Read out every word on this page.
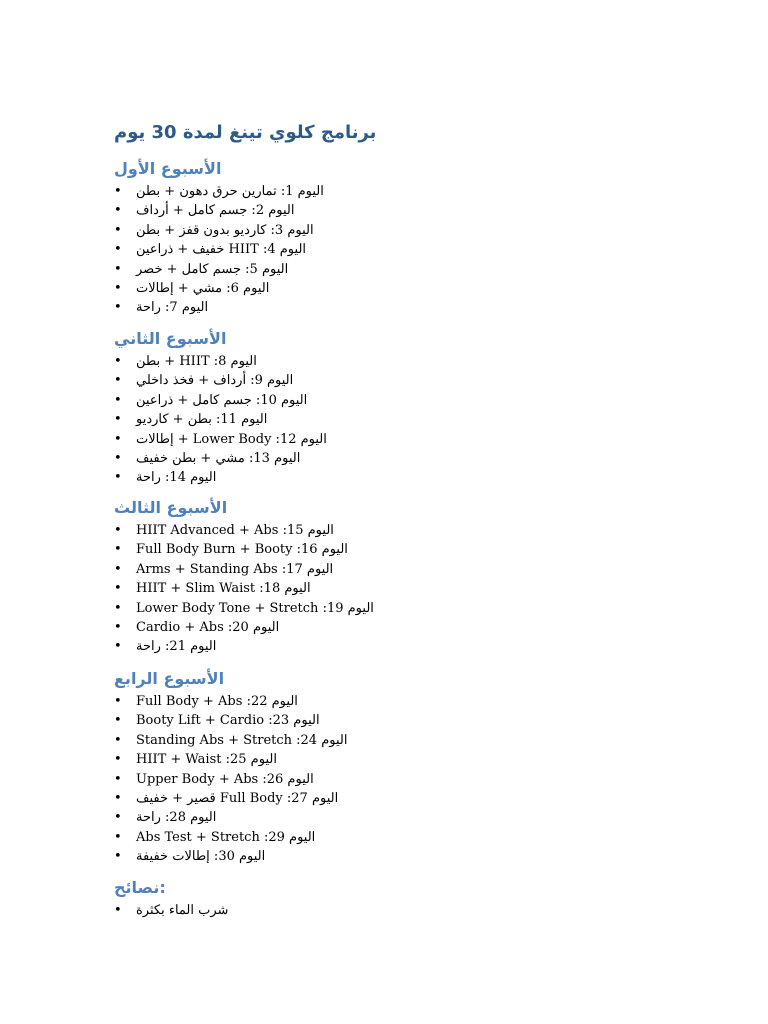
برنامج كلوي تينغ لمدة 30 يوم
الأسبوع الأول
• اليوم 1: تمارين حرق دهون + بطن
• اليوم 2: جسم كامل + أرداف
• اليوم 3: كارديو بدون قفز + بطن
• اليوم 4: HIIT خفيف + ذراعين
• اليوم 5: جسم كامل + خصر
• اليوم 6: مشي + إطالات
• اليوم 7: راحة
الأسبوع الثاني
• اليوم 8: HIIT + بطن
• اليوم 9: أرداف + فخذ داخلي
• اليوم 10: جسم كامل + ذراعين
• اليوم 11: بطن + كارديو
• اليوم 12: Lower Body + إطالات
• اليوم 13: مشي + بطن خفيف
• اليوم 14: راحة
الأسبوع الثالث
• اليوم 15: HIIT Advanced + Abs
• اليوم 16: Full Body Burn + Booty
• اليوم 17: Arms + Standing Abs
• اليوم 18: HIIT + Slim Waist
• اليوم 19: Lower Body Tone + Stretch
• اليوم 20: Cardio + Abs
• اليوم 21: راحة
الأسبوع الرابع
• اليوم 22: Full Body + Abs
• اليوم 23: Booty Lift + Cardio
• اليوم 24: Standing Abs + Stretch
• اليوم 25: HIIT + Waist
• اليوم 26: Upper Body + Abs
• اليوم 27: Full Body قصير + خفيف
• اليوم 28: راحة
• اليوم 29: Abs Test + Stretch
• اليوم 30: إطالات خفيفة
نصائح:
• شرب الماء بكثرة
